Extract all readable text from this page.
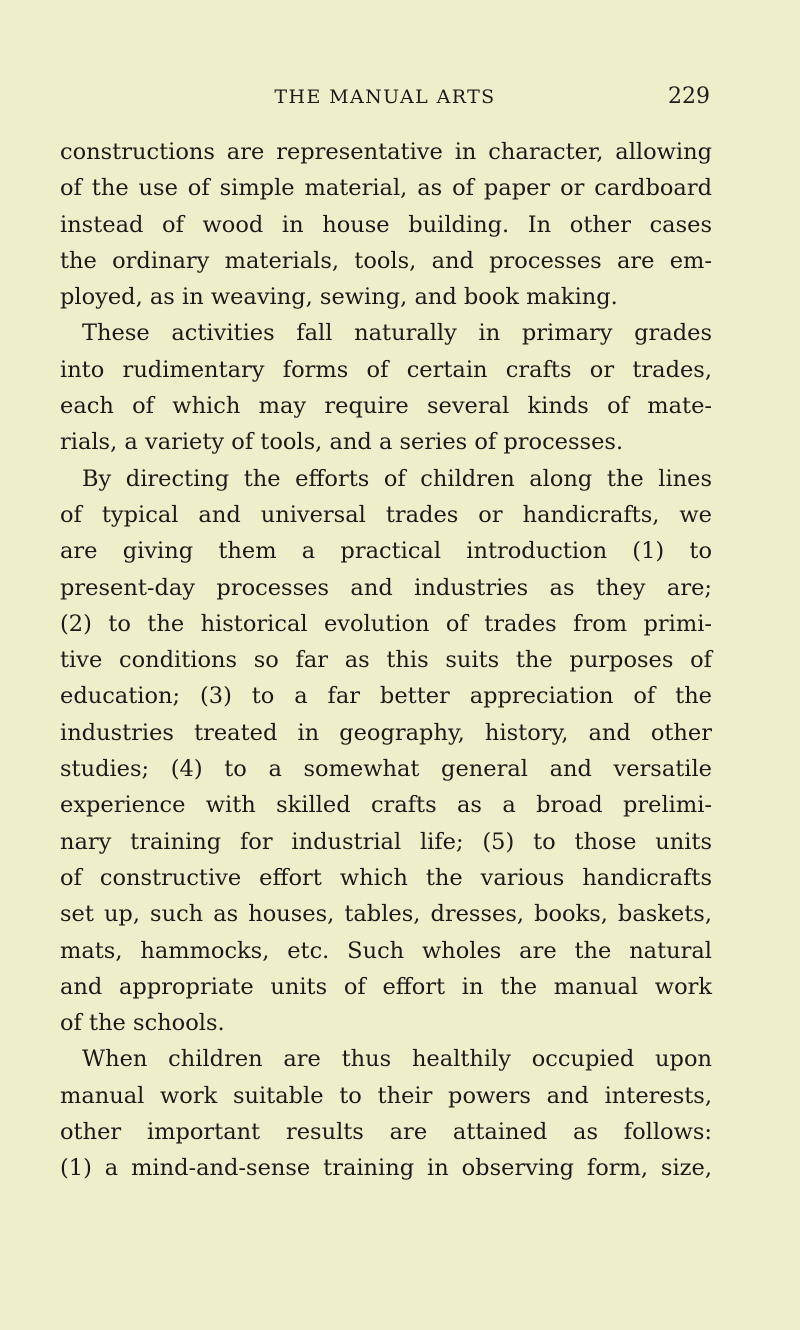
THE MANUAL ARTS	229
constructions are representative in character, allowing
of the use of simple material, as of paper or cardboard
instead of wood in house building. In other cases
the ordinary materials, tools, and processes are em-
ployed, as in weaving, sewing, and book making.
These activities fall naturally in primary grades
into rudimentary forms of certain crafts or trades,
each of which may require several kinds of mate-
rials, a variety of tools, and a series of processes.
By directing the efforts of children along the lines
of typical and universal trades or handicrafts, we
are giving them a practical introduction (1) to
present-day processes and industries as they are;
(2) to the historical evolution of trades from primi-
tive conditions so far as this suits the purposes of
education; (3) to a far better appreciation of the
industries treated in geography, history, and other
studies; (4) to a somewhat general and versatile
experience with skilled crafts as a broad prelimi-
nary training for industrial life; (5) to those units
of constructive effort which the various handicrafts
set up, such as houses, tables, dresses, books, baskets,
mats, hammocks, etc. Such wholes are the natural
and appropriate units of effort in the manual work
of the schools.
When children are thus healthily occupied upon
manual work suitable to their powers and interests,
other important results are attained as follows:
(1) a mind-and-sense training in observing form, size,
